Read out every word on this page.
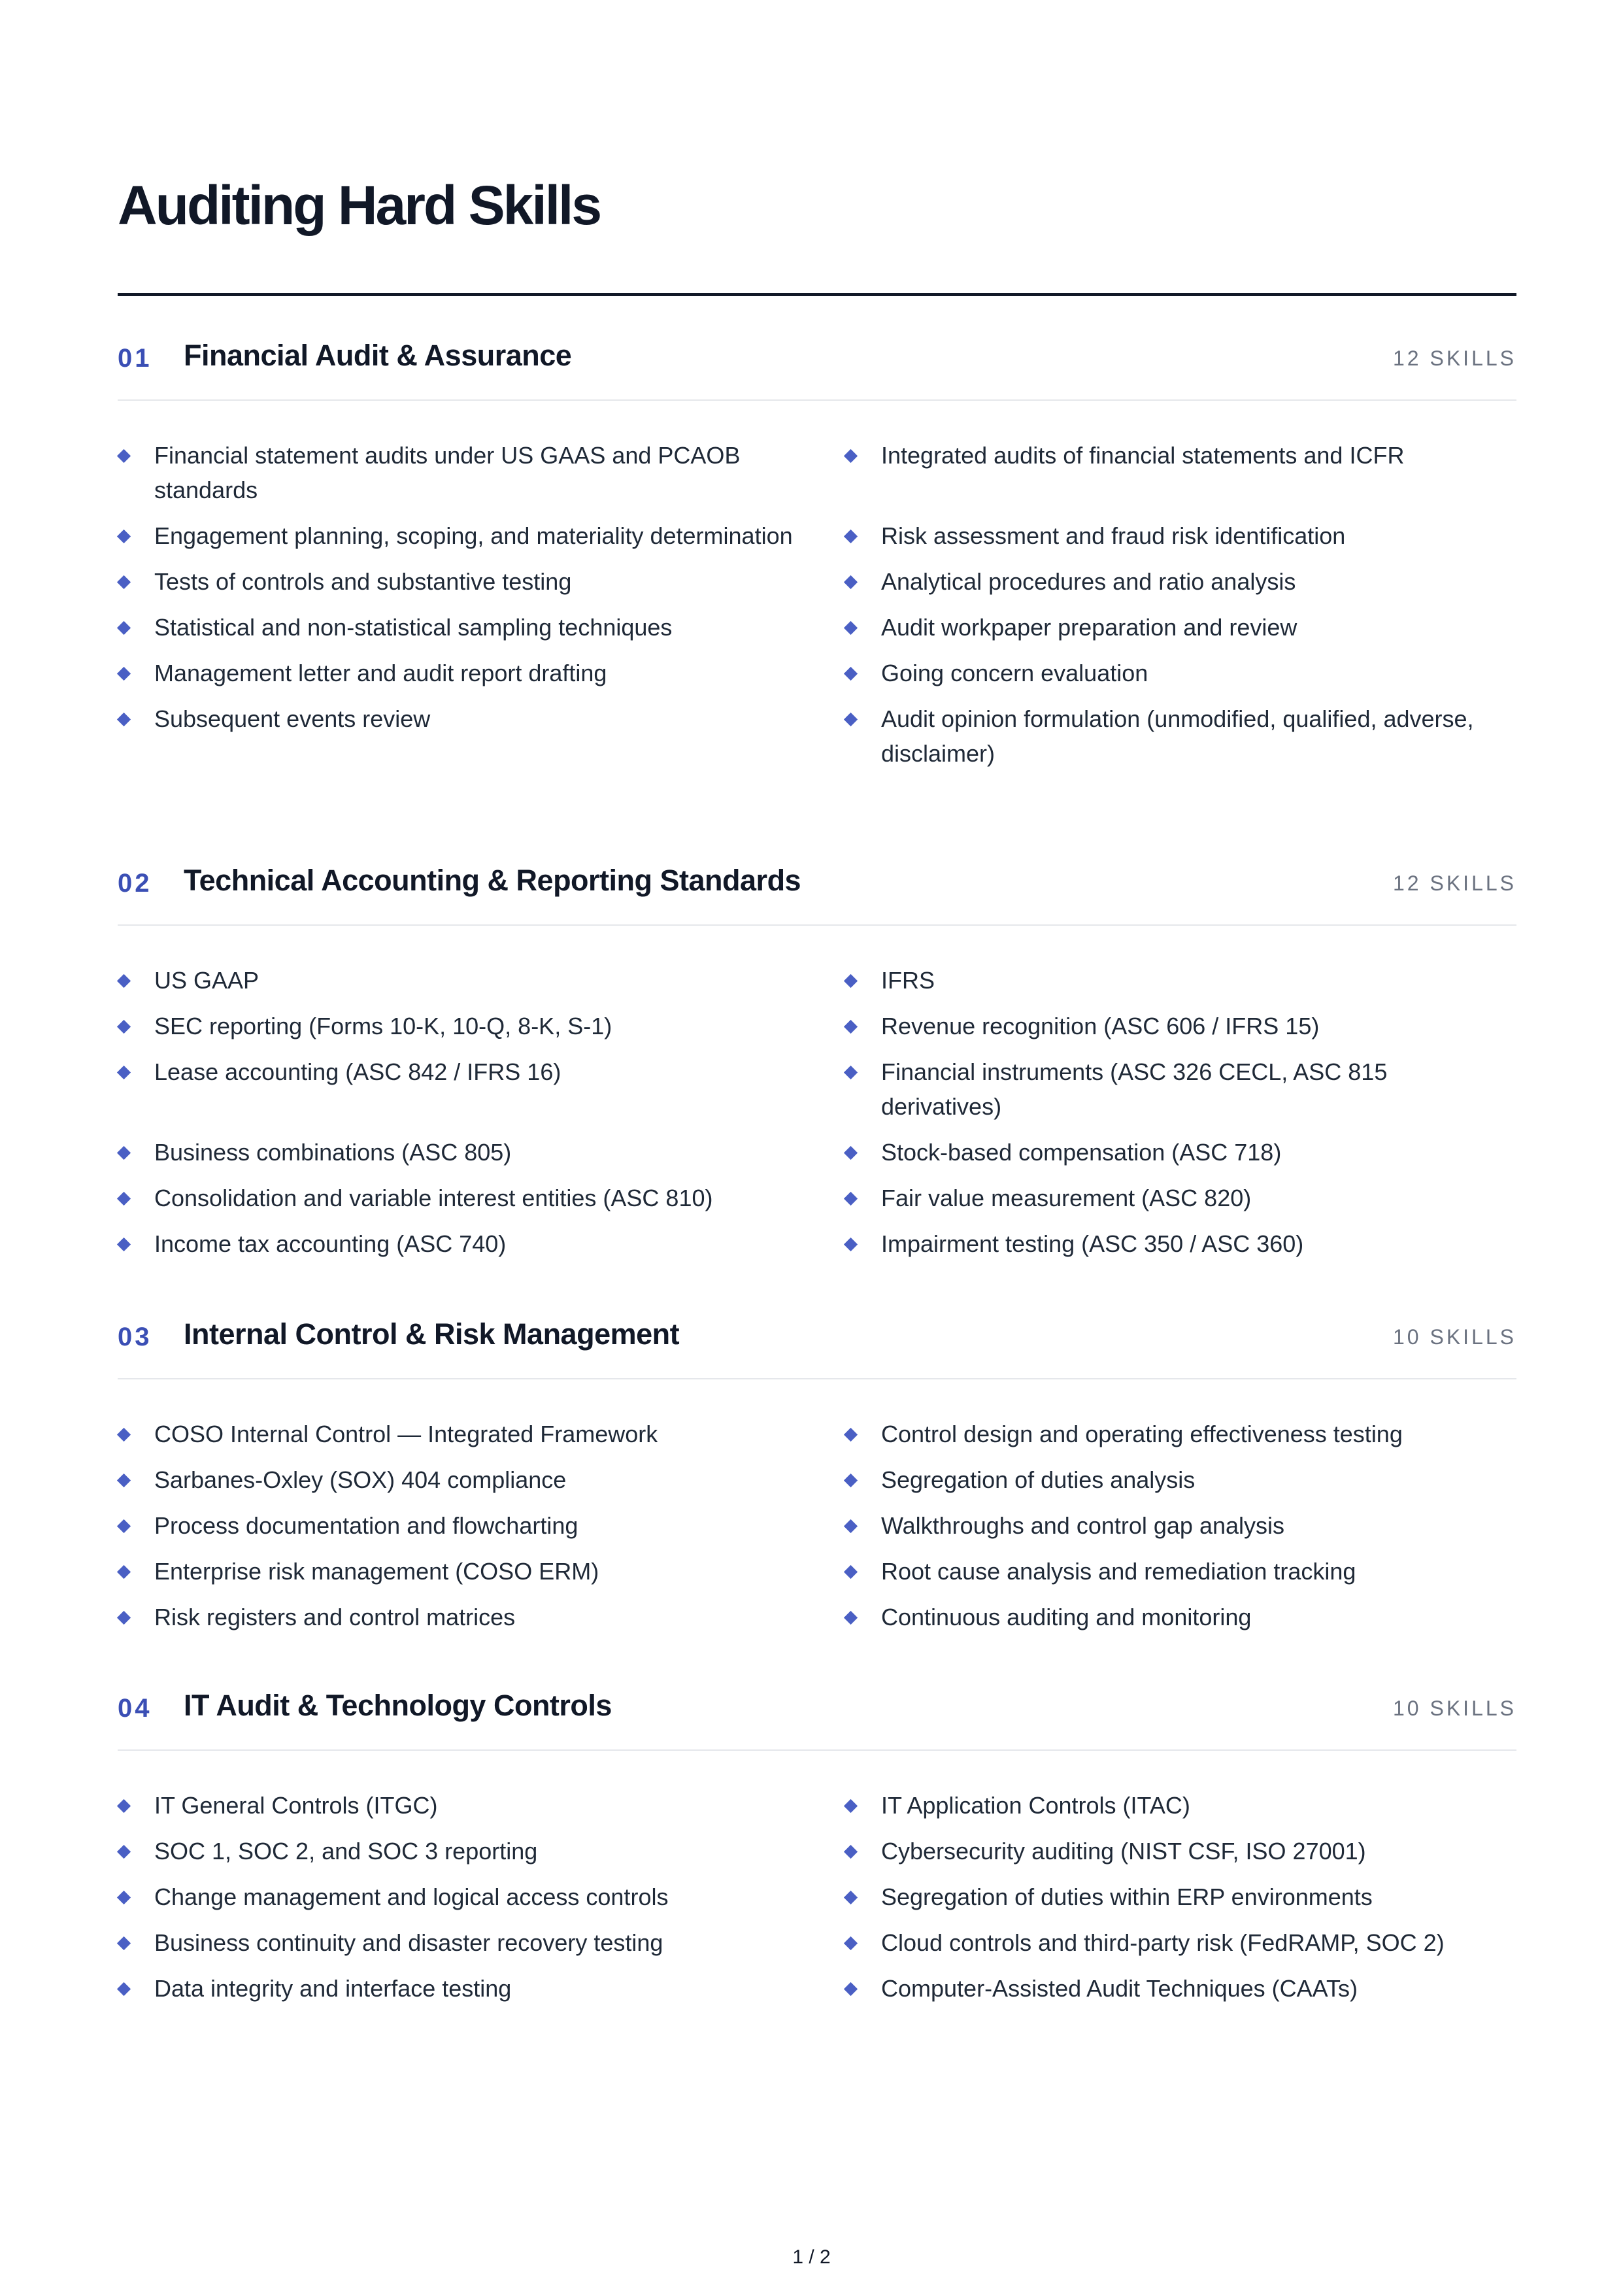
Auditing Hard Skills
01 Financial Audit & Assurance	12 SKILLS
Financial statement audits under US GAAS and PCAOB standards
Integrated audits of financial statements and ICFR
Engagement planning, scoping, and materiality determination	Risk assessment and fraud risk identification
Tests of controls and substantive testing	Analytical procedures and ratio analysis
Statistical and non-statistical sampling techniques	Audit workpaper preparation and review
Management letter and audit report drafting	Going concern evaluation
Subsequent events review	Audit opinion formulation (unmodified, qualified, adverse, disclaimer)
02 Technical Accounting & Reporting Standards	12 SKILLS
US GAAP	IFRS
SEC reporting (Forms 10-K, 10-Q, 8-K, S-1)	Revenue recognition (ASC 606 / IFRS 15)
Lease accounting (ASC 842 / IFRS 16)	Financial instruments (ASC 326 CECL, ASC 815 derivatives)
Business combinations (ASC 805)	Stock-based compensation (ASC 718)
Consolidation and variable interest entities (ASC 810)	Fair value measurement (ASC 820)
Income tax accounting (ASC 740)	Impairment testing (ASC 350 / ASC 360)
03 Internal Control & Risk Management	10 SKILLS
COSO Internal Control — Integrated Framework	Control design and operating effectiveness testing
Sarbanes-Oxley (SOX) 404 compliance	Segregation of duties analysis
Process documentation and flowcharting	Walkthroughs and control gap analysis
Enterprise risk management (COSO ERM)	Root cause analysis and remediation tracking
Risk registers and control matrices	Continuous auditing and monitoring
04 IT Audit & Technology Controls	10 SKILLS
IT General Controls (ITGC)	IT Application Controls (ITAC)
SOC 1, SOC 2, and SOC 3 reporting	Cybersecurity auditing (NIST CSF, ISO 27001)
Change management and logical access controls	Segregation of duties within ERP environments
Business continuity and disaster recovery testing	Cloud controls and third-party risk (FedRAMP, SOC 2)
Data integrity and interface testing	Computer-Assisted Audit Techniques (CAATs)
1 / 2
